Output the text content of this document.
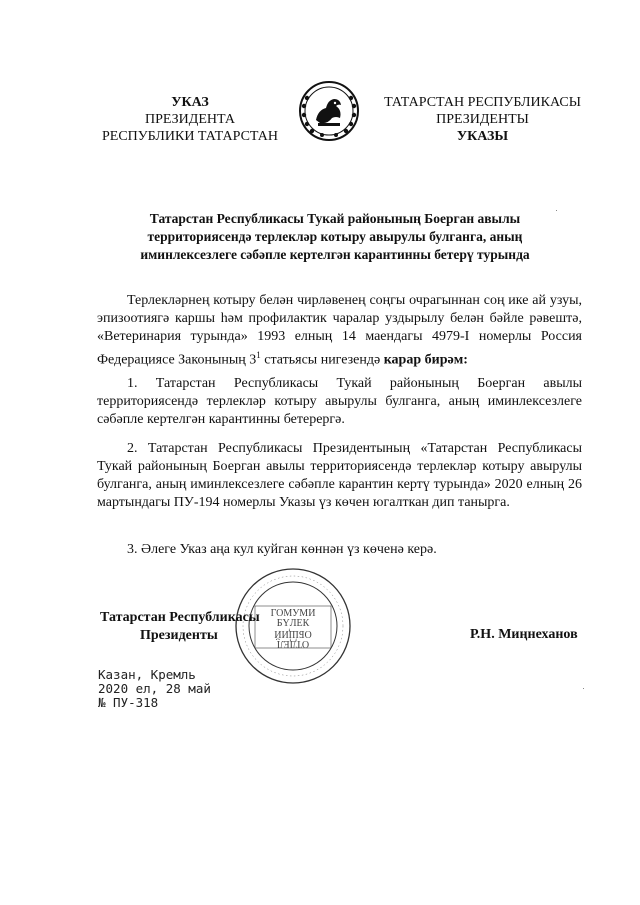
УКАЗ
ПРЕЗИДЕНТА
РЕСПУБЛИКИ ТАТАРСТАН
ТАТАРСТАН РЕСПУБЛИКАСЫ
ПРЕЗИДЕНТЫ
УКАЗЫ
Татарстан Республикасы Тукай районының Боерган авылы
территориясендә терлекләр котыру авырулы булганга, аның
иминлексезлеге сәбәпле кертелгән карантинны бетерү турында
Терлекләрнең котыру белән чирләвенең соңгы очрагыннан соң ике ай узуы, эпизоотиягә каршы һәм профилактик чаралар уздырылу белән бәйле рәвештә, «Ветеринария турында» 1993 елның 14 маендагы 4979-I номерлы Россия Федерациясе Законының $3^1$ статьясы нигезендә карар бирәм:
1. Татарстан Республикасы Тукай районының Боерган авылы территориясендә терлекләр котыру авырулы булганга, аның иминлексезлеге сәбәпле кертелгән карантинны бетерергә.
2. Татарстан Республикасы Президентының «Татарстан Республикасы Тукай районының Боерган авылы территориясендә терлекләр котыру авырулы булганга, аның иминлексезлеге сәбәпле карантин кертү турында» 2020 елның 26 мартындагы ПУ-194 номерлы Указы үз көчен югалткан дип таныргa.
3. Әлеге Указ аңа кул куйган көннән үз көченә керә.
ГОМУМИ
БҮЛЕК
ОТДЕЛ
ОБЩИЙ
Татарстан Республикасы
Президенты	Р.Н. Миңнеханов
Казан, Кремль
2020 ел, 28 май
№ ПУ-318
